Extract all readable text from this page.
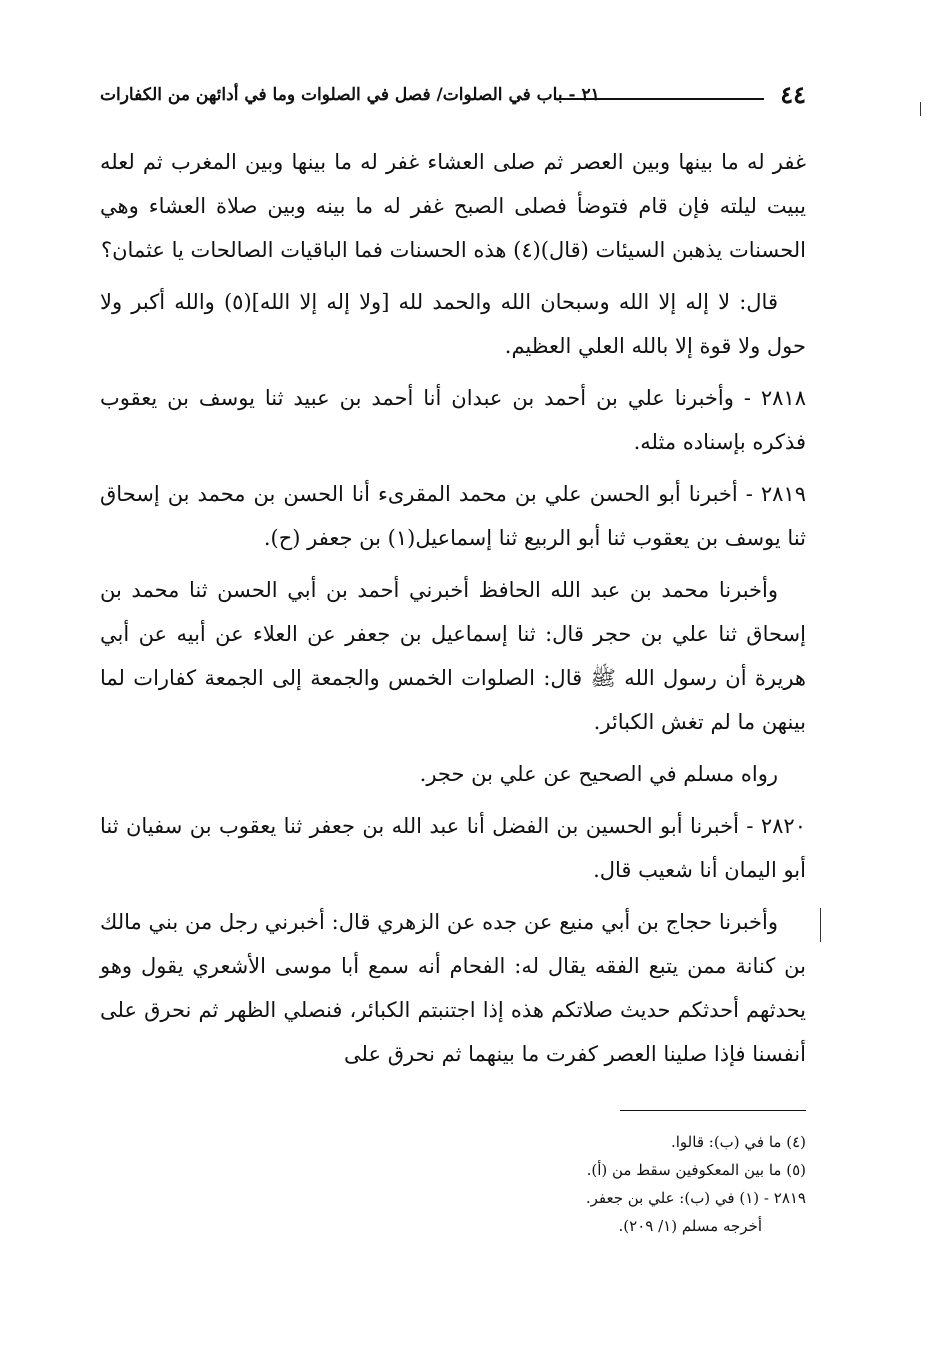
٤٤
٢١ - باب في الصلوات/ فصل في الصلوات وما في أدائهن من الكفارات

غفر له ما بينها وبين العصر ثم صلى العشاء غفر له ما بينها وبين المغرب ثم لعله يبيت ليلته فإن قام فتوضأ فصلى الصبح غفر له ما بينه وبين صلاة العشاء وهي الحسنات يذهبن السيئات (قال)(٤) هذه الحسنات فما الباقيات الصالحات يا عثمان؟

قال: لا إله إلا الله وسبحان الله والحمد لله [ولا إله إلا الله](٥) والله أكبر ولا حول ولا قوة إلا بالله العلي العظيم.

٢٨١٨ - وأخبرنا علي بن أحمد بن عبدان أنا أحمد بن عبيد ثنا يوسف بن يعقوب فذكره بإسناده مثله.

٢٨١٩ - أخبرنا أبو الحسن علي بن محمد المقرىء أنا الحسن بن محمد بن إسحاق ثنا يوسف بن يعقوب ثنا أبو الربيع ثنا إسماعيل(١) بن جعفر (ح).

وأخبرنا محمد بن عبد الله الحافظ أخبرني أحمد بن أبي الحسن ثنا محمد بن إسحاق ثنا علي بن حجر قال: ثنا إسماعيل بن جعفر عن العلاء عن أبيه عن أبي هريرة أن رسول الله ﷺ قال: الصلوات الخمس والجمعة إلى الجمعة كفارات لما بينهن ما لم تغش الكبائر.

رواه مسلم في الصحيح عن علي بن حجر.

٢٨٢٠ - أخبرنا أبو الحسين بن الفضل أنا عبد الله بن جعفر ثنا يعقوب بن سفيان ثنا أبو اليمان أنا شعيب قال.

وأخبرنا حجاج بن أبي منيع عن جده عن الزهري قال: أخبرني رجل من بني مالك بن كنانة ممن يتبع الفقه يقال له: الفحام أنه سمع أبا موسى الأشعري يقول وهو يحدثهم أحدثكم حديث صلاتكم هذه إذا اجتنبتم الكبائر، فنصلي الظهر ثم نحرق على أنفسنا فإذا صلينا العصر كفرت ما بينهما ثم نحرق على

(٤) ما في (ب): قالوا.
(٥) ما بين المعكوفين سقط من (أ).
٢٨١٩ - (١) في (ب): علي بن جعفر.
أخرجه مسلم (١/ ٢٠٩).
